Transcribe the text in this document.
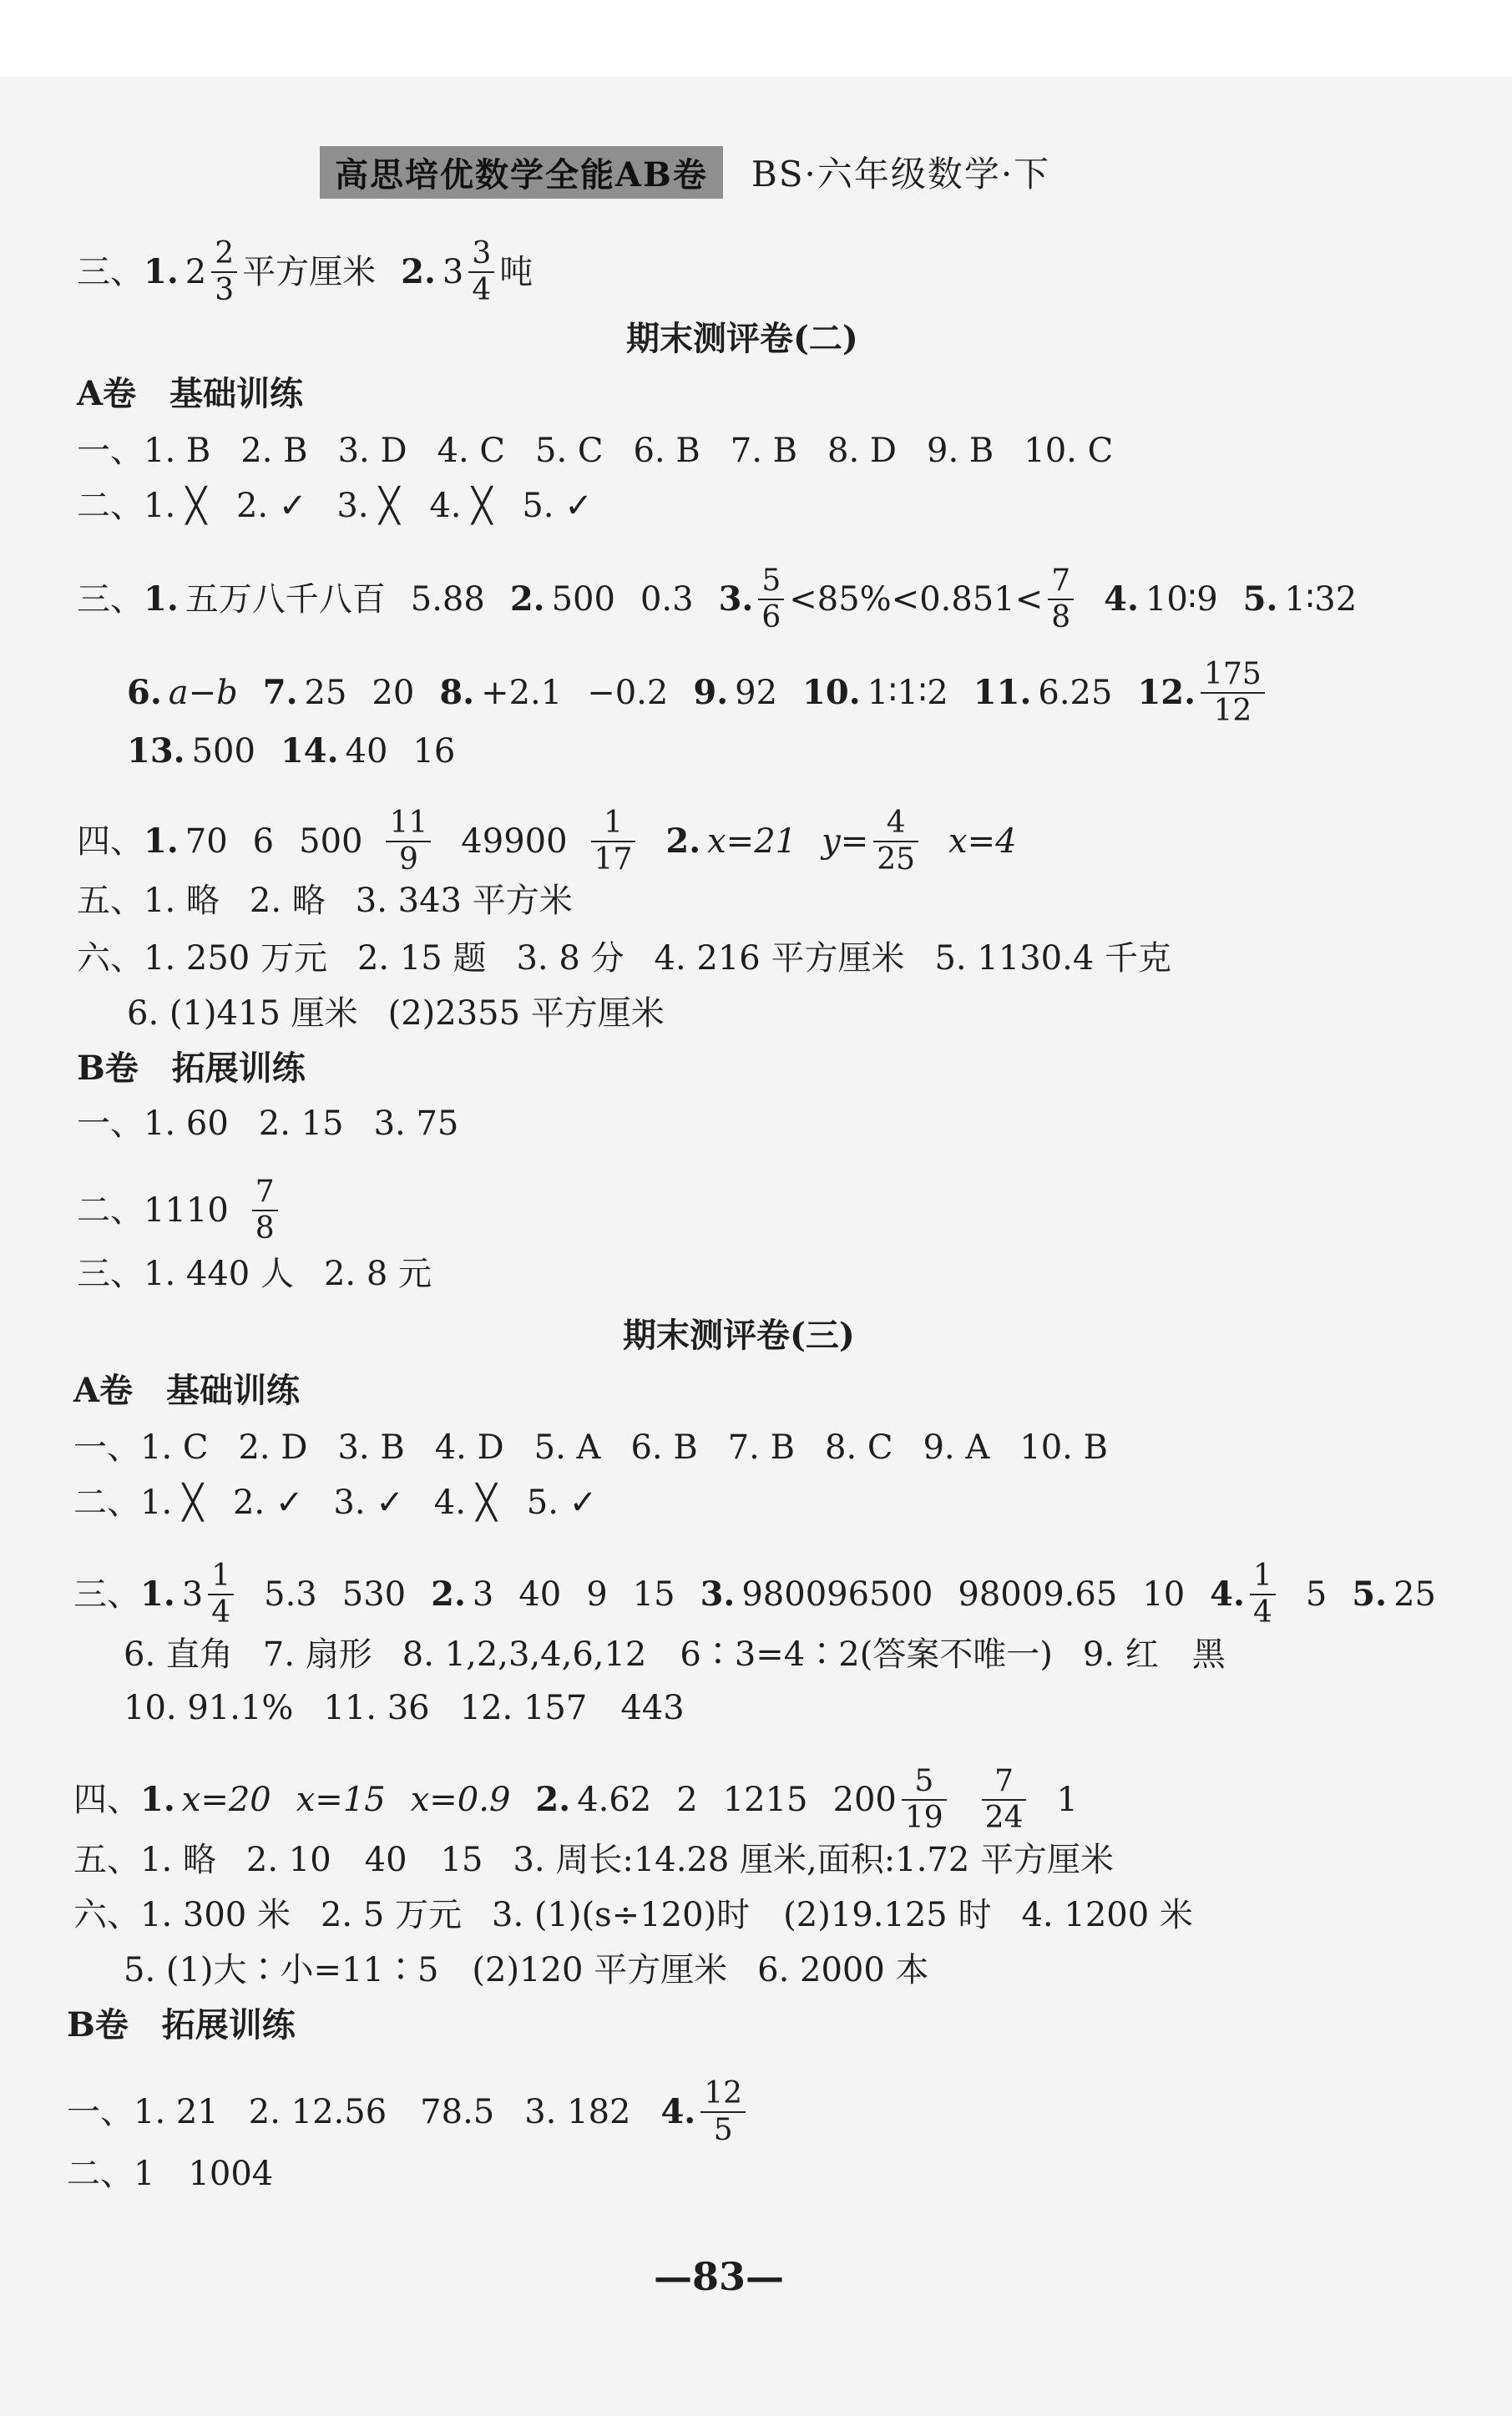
高思培优数学全能AB卷	BS·六年级数学·下
三、 1. $2 \frac{2}{3}$ 平方厘米 2. $3 \frac{3}{4}$ 吨
期末测评卷(二)
A卷　基础训练
一、 1. B 2. B 3. D 4. C 5. C 6. B 7. B 8. D 9. B 10. C
二、 1. ╳ 2. ✓ 3. ╳ 4. ╳ 5. ✓
三、 1. 五万八千八百 5.88 2. 500 0.3 3. $\frac{5}{6} <85\%<0.851< \frac{7}{8} 4$. 10∶9 5. 1∶32
6. a−b 7. 25 20 8. +2.1 −0.2 9. 92 10. 1∶1∶2 11. 6.25 12. $\frac{175}{12}$
13. 500 14. 40 16
四、 1. 70 6 $500 \frac{11}{9} 49900 \frac{1}{17} 2$. x=21 $y= \frac{4}{25} x=4$
五、 1. 略 2. 略 3. 343 平方米
六、 1. 250 万元 2. 15 题 3. 8 分 4. 216 平方厘米 5. 1130.4 千克
6. (1)415 厘米 (2)2355 平方厘米
B卷　拓展训练
一、 1. 60 2. 15 3. 75
二、 $1110 \frac{7}{8}$
三、 1. 440 人 2. 8 元
期末测评卷(三)
A卷　基础训练
一、 1. C 2. D 3. B 4. D 5. A 6. B 7. B 8. C 9. A 10. B
二、 1. ╳ 2. ✓ 3. ✓ 4. ╳ 5. ✓
三、 1. $3 \frac{1}{4} 5.3$ 530 2. 3 40 9 15 3. 980096500 98009.65 10 4. $\frac{1}{4} 5$ 5. 25
6. 直角 7. 扇形 8. 1,2,3,4,6,12　6∶3=4∶2(答案不唯一) 9. 红　黑
10. 91.1% 11. 36 12. 157　443
四、 1. x=20 x=15 x=0.9 2. 4.62 2 1215 $200 \frac{5}{19} \frac{7}{24} 1$
五、 1. 略 2. 10　40　15 3. 周长:14.28 厘米,面积:1.72 平方厘米
六、 1. 300 米 2. 5 万元 3. (1)(s÷120)时　(2)19.125 时 4. 1200 米
5. (1)大∶小=11∶5　(2)120 平方厘米 6. 2000 本
B卷　拓展训练
一、 1. 21 2. 12.56　78.5 3. 182 4. $\frac{12}{5}$
二、 1　1004
—83—
